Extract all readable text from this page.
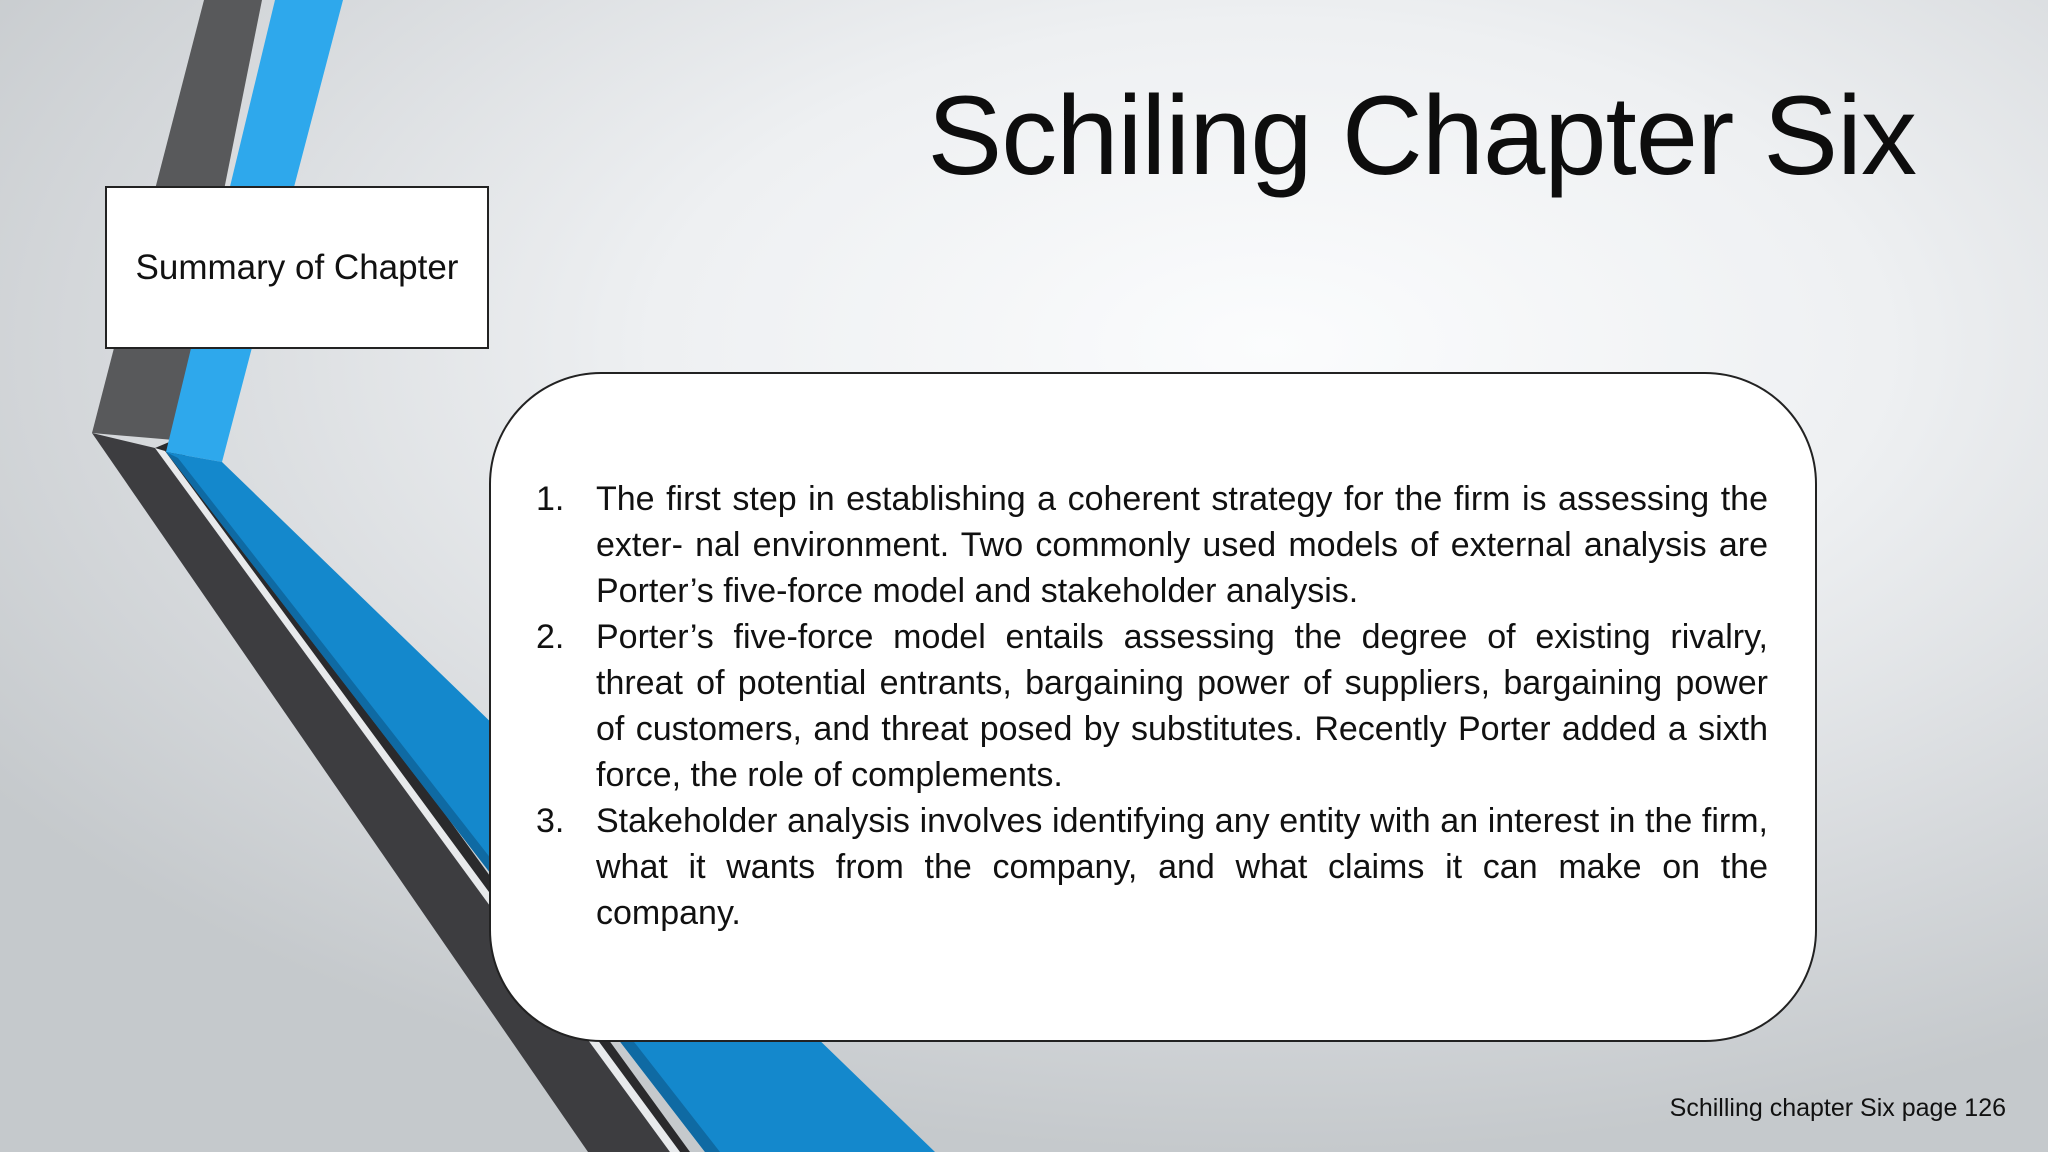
Schiling Chapter Six
Summary of Chapter
1. The first step in establishing a coherent strategy for the firm is assessing the exter- nal environment. Two commonly used models of external analysis are Porter’s five-force model and stakeholder analysis.
2. Porter’s five-force model entails assessing the degree of existing rivalry, threat of potential entrants, bargaining power of suppliers, bargaining power of customers, and threat posed by substitutes. Recently Porter added a sixth force, the role of complements.
3. Stakeholder analysis involves identifying any entity with an interest in the firm, what it wants from the company, and what claims it can make on the company.
Schilling chapter Six page 126
